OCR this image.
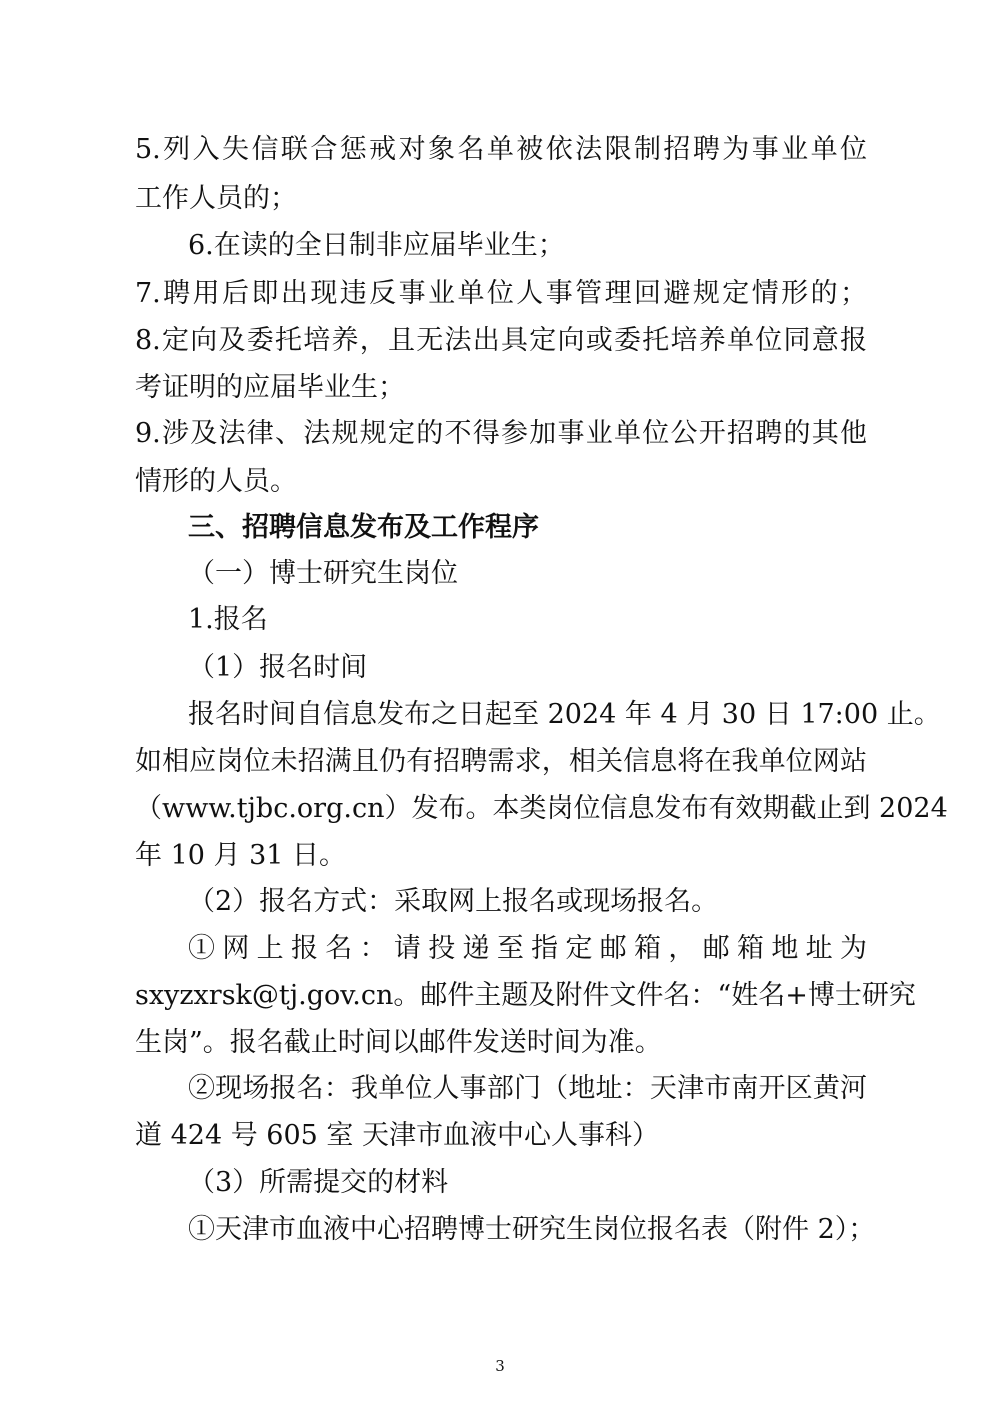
5.列入失信联合惩戒对象名单被依法限制招聘为事业单位

工作人员的；

6.在读的全日制非应届毕业生；

7.聘用后即出现违反事业单位人事管理回避规定情形的；

8.定向及委托培养，且无法出具定向或委托培养单位同意报

考证明的应届毕业生；

9.涉及法律、法规规定的不得参加事业单位公开招聘的其他

情形的人员。

三、招聘信息发布及工作程序

（一）博士研究生岗位

1.报名

（1）报名时间

报名时间自信息发布之日起至 2024 年 4 月 30 日 17:00 止。

如相应岗位未招满且仍有招聘需求，相关信息将在我单位网站

（www.tjbc.org.cn）发布。本类岗位信息发布有效期截止到 2024

年 10 月 31 日。

（2）报名方式：采取网上报名或现场报名。

①网上报名：请投递至指定邮箱，邮箱地址为

sxyzxrsk@tj.gov.cn。邮件主题及附件文件名：“姓名+博士研究

生岗”。报名截止时间以邮件发送时间为准。

②现场报名：我单位人事部门（地址：天津市南开区黄河

道 424 号 605 室 天津市血液中心人事科）

（3）所需提交的材料

①天津市血液中心招聘博士研究生岗位报名表（附件 2）；

3
